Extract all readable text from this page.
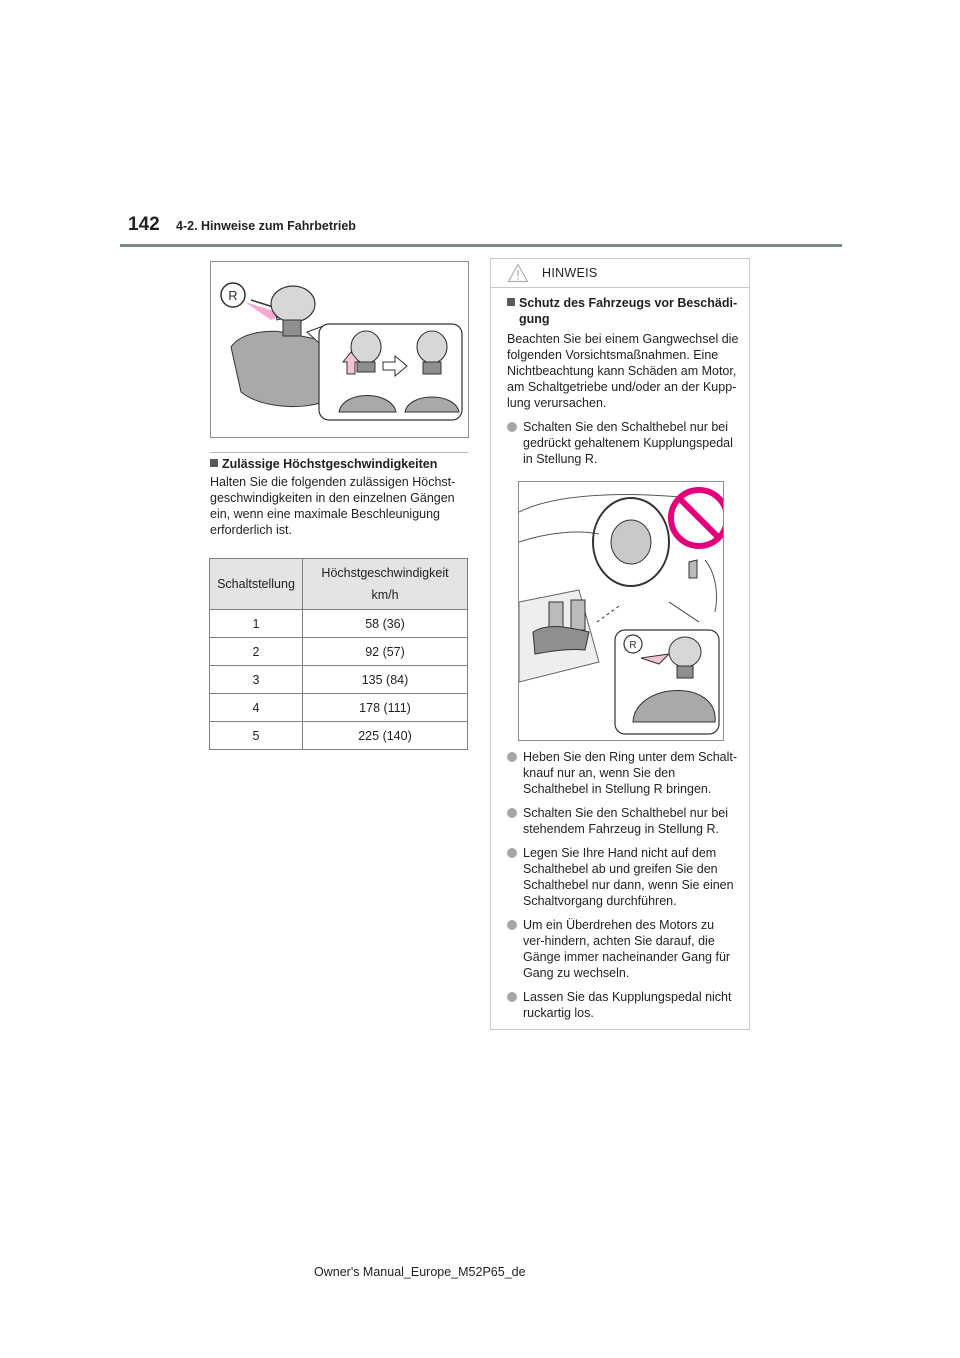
142 4-2. Hinweise zum Fahrbetrieb
R
Zulässige Höchstgeschwindigkeiten

Halten Sie die folgenden zulässigen Höchst-geschwindigkeiten in den einzelnen Gängen ein, wenn eine maximale Beschleunigung erforderlich ist.

Schaltstellung	Höchstgeschwindigkeit
km/h

1	58 (36)
2	92 (57)
3	135 (84)
4	178 (111)
5	225 (140)
HINWEIS

Schutz des Fahrzeugs vor Beschädi-gung

Beachten Sie bei einem Gangwechsel die folgenden Vorsichtsmaßnahmen. Eine Nichtbeachtung kann Schäden am Motor, am Schaltgetriebe und/oder an der Kupp-lung verursachen.

Schalten Sie den Schalthebel nur bei gedrückt gehaltenem Kupplungspedal in Stellung R.

R

Heben Sie den Ring unter dem Schalt-knauf nur an, wenn Sie den Schalthebel in Stellung R bringen.

Schalten Sie den Schalthebel nur bei stehendem Fahrzeug in Stellung R.

Legen Sie Ihre Hand nicht auf dem Schalthebel ab und greifen Sie den Schalthebel nur dann, wenn Sie einen Schaltvorgang durchführen.

Um ein Überdrehen des Motors zu ver-hindern, achten Sie darauf, die Gänge immer nacheinander Gang für Gang zu wechseln.

Lassen Sie das Kupplungspedal nicht ruckartig los.

Owner's Manual_Europe_M52P65_de
